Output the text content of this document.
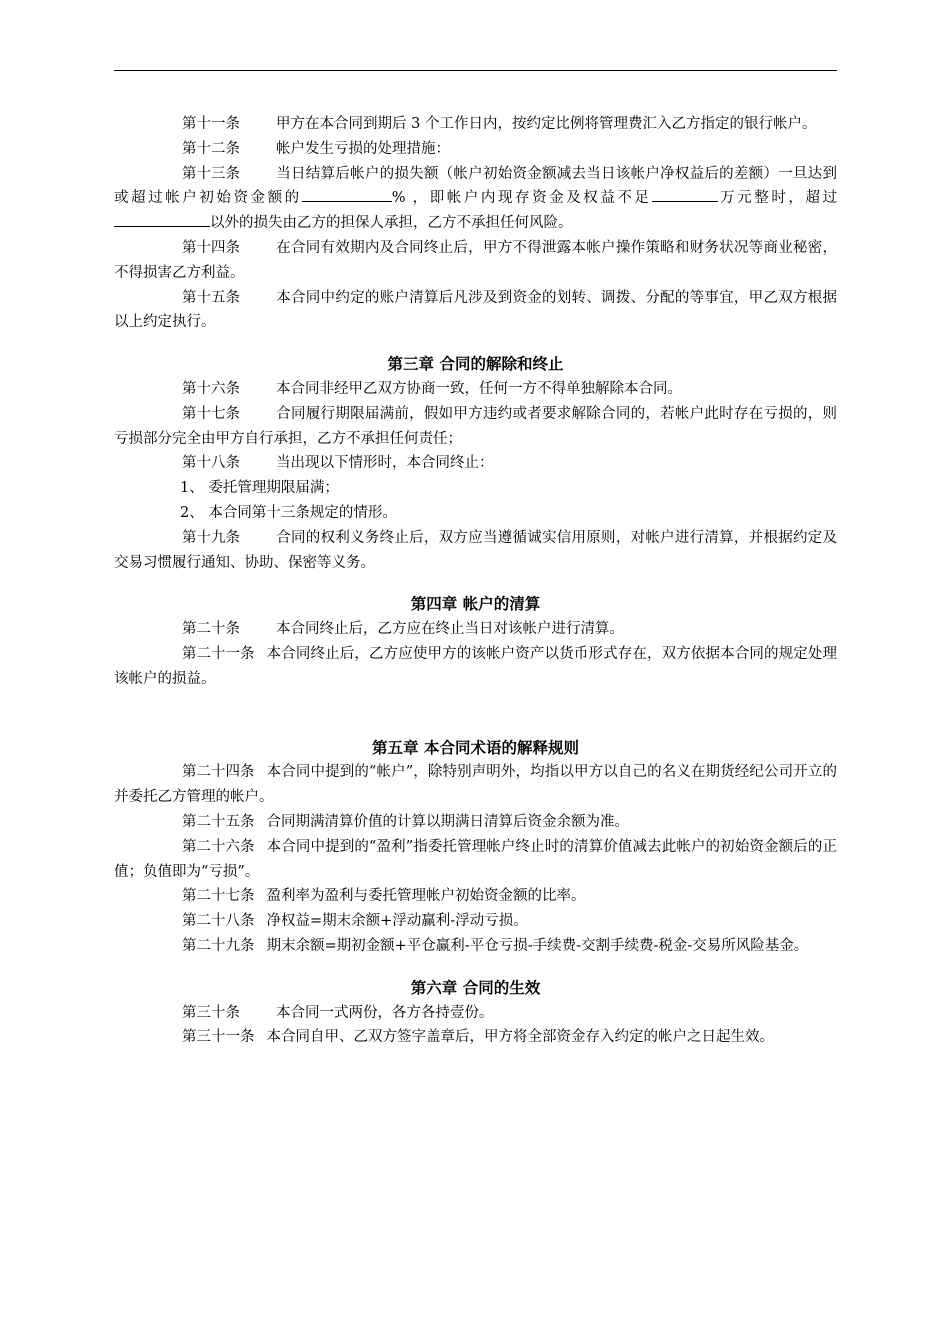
第十一条 甲方在本合同到期后 3 个工作日内，按约定比例将管理费汇入乙方指定的银行帐户。

第十二条 帐户发生亏损的处理措施：

第十三条 当日结算后帐户的损失额（帐户初始资金额减去当日该帐户净权益后的差额）一旦达到或超过帐户初始资金额的	% ，即帐户内现存资金及权益不足	万元整时，超过 以外的损失由乙方的担保人承担，乙方不承担任何风险。

第十四条 在合同有效期内及合同终止后，甲方不得泄露本帐户操作策略和财务状况等商业秘密，不得损害乙方利益。

第十五条 本合同中约定的账户清算后凡涉及到资金的划转、调拨、分配的等事宜，甲乙双方根据以上约定执行。

第三章 合同的解除和终止

第十六条 本合同非经甲乙双方协商一致，任何一方不得单独解除本合同。

第十七条 合同履行期限届满前，假如甲方违约或者要求解除合同的，若帐户此时存在亏损的，则亏损部分完全由甲方自行承担，乙方不承担任何责任；

第十八条 当出现以下情形时，本合同终止：

1、 委托管理期限届满；

2、 本合同第十三条规定的情形。

第十九条 合同的权利义务终止后，双方应当遵循诚实信用原则，对帐户进行清算，并根据约定及交易习惯履行通知、协助、保密等义务。

第四章 帐户的清算

第二十条 本合同终止后，乙方应在终止当日对该帐户进行清算。

第二十一条 本合同终止后，乙方应使甲方的该帐户资产以货币形式存在，双方依据本合同的规定处理该帐户的损益。

第五章 本合同术语的解释规则

第二十四条 本合同中提到的“帐户”，除特别声明外，均指以甲方以自己的名义在期货经纪公司开立的并委托乙方管理的帐户。

第二十五条 合同期满清算价值的计算以期满日清算后资金余额为准。

第二十六条 本合同中提到的“盈利”指委托管理帐户终止时的清算价值减去此帐户的初始资金额后的正值；负值即为“亏损”。

第二十七条 盈利率为盈利与委托管理帐户初始资金额的比率。

第二十八条 净权益=期末余额+浮动赢利-浮动亏损。

第二十九条 期末余额=期初金额+平仓赢利-平仓亏损-手续费-交割手续费-税金-交易所风险基金。

第六章 合同的生效

第三十条 本合同一式两份，各方各持壹份。

第三十一条 本合同自甲、乙双方签字盖章后，甲方将全部资金存入约定的帐户之日起生效。
